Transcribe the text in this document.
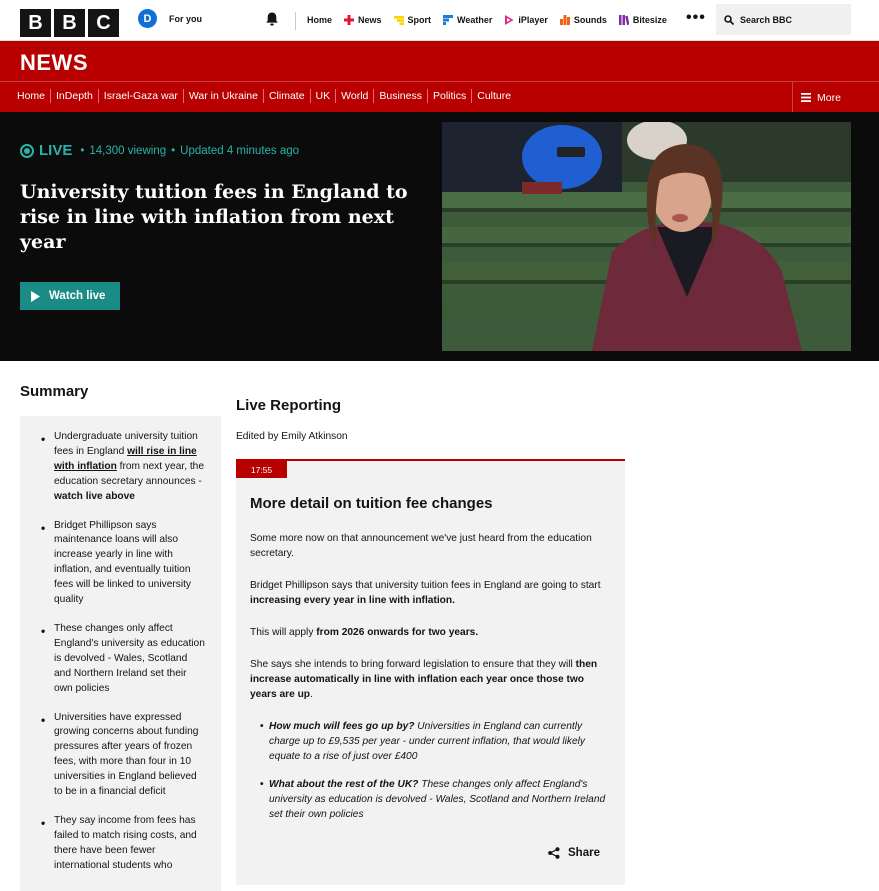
B B C	D	For you	Home	News	Sport	Weather	iPlayer	Sounds	Bitesize •••
Search BBC
NEWS
Home	InDepth	Israel-Gaza war	War in Ukraine	Climate	UK	World	Business	Politics	Culture	More
LIVE • 14,300 viewing • Updated 4 minutes ago
University tuition fees in England to rise in line with inflation from next year
Watch live
Summary
• Undergraduate university tuition fees in England will rise in line with inflation from next year, the education secretary announces - watch live above
• Bridget Phillipson says maintenance loans will also increase yearly in line with inflation, and eventually tuition fees will be linked to university quality
• These changes only affect England's university as education is devolved - Wales, Scotland and Northern Ireland set their own policies
• Universities have expressed growing concerns about funding pressures after years of frozen fees, with more than four in 10 universities in England believed to be in a financial deficit
• They say income from fees has failed to match rising costs, and there have been fewer international students who
Live Reporting
Edited by Emily Atkinson
17:55
More detail on tuition fee changes

Some more now on that announcement we've just heard from the education secretary.

Bridget Phillipson says that university tuition fees in England are going to start increasing every year in line with inflation.

This will apply from 2026 onwards for two years.

She says she intends to bring forward legislation to ensure that they will then increase automatically in line with inflation each year once those two years are up.

• How much will fees go up by? Universities in England can currently charge up to £9,535 per year - under current inflation, that would likely equate to a rise of just over £400
• What about the rest of the UK? These changes only affect England's university as education is devolved - Wales, Scotland and Northern Ireland set their own policies
Share
